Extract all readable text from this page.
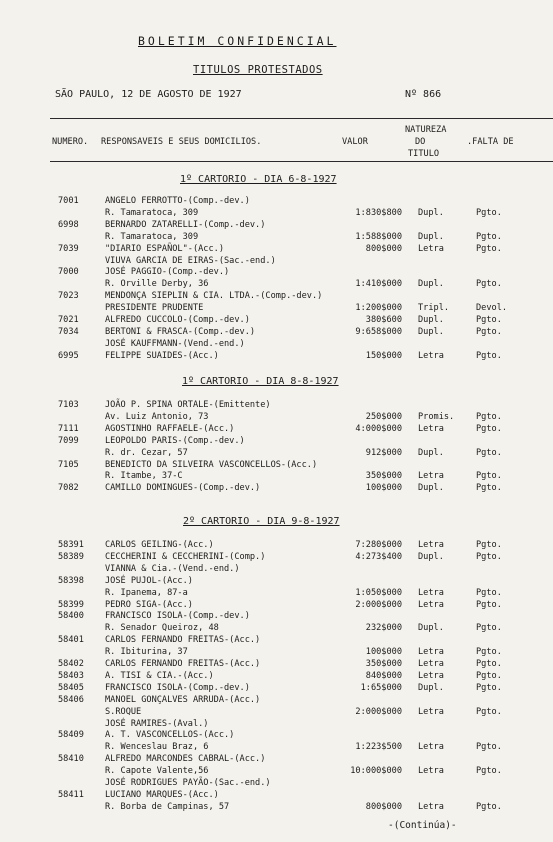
BOLETIM CONFIDENCIAL
TITULOS PROTESTADOS
SÃO PAULO, 12 DE AGOSTO DE 1927	Nº 866
NUMERO. RESPONSAVEIS E SEUS DOMICILIOS.	VALOR
NATUREZA
DO
TITULO
.FALTA DE
1º CARTORIO - DIA 6-8-1927
7001	ANGELO FERROTTO-(Comp.-dev.)
R. Tamaratoca, 309	1:830$800 Dupl.	Pgto.
6998	BERNARDO ZATARELLI-(Comp.-dev.)
R. Tamaratoca, 309	1:588$000 Dupl.	Pgto.
7039	"DIARIO ESPAÑOL"-(Acc.)	800$000 Letra	Pgto.
VIUVA GARCIA DE EIRAS-(Sac.-end.)
7000	JOSÉ PAGGIO-(Comp.-dev.)
R. Orville Derby, 36	1:410$000 Dupl.	Pgto.
7023	MENDONÇA SIEPLIN & CIA. LTDA.-(Comp.-dev.)
PRESIDENTE PRUDENTE	1:200$000 Tripl.	Devol.
7021	ALFREDO CUCCOLO-(Comp.-dev.)	380$600 Dupl.	Pgto.
7034	BERTONI & FRASCA-(Comp.-dev.)	9:658$000 Dupl.	Pgto.
JOSÉ KAUFFMANN-(Vend.-end.)
6995	FELIPPE SUAIDES-(Acc.)	150$000 Letra	Pgto.
1º CARTORIO - DIA 8-8-1927
7103	JOÃO P. SPINA ORTALE-(Emittente)
Av. Luiz Antonio, 73	250$000 Promis.	Pgto.
7111	AGOSTINHO RAFFAELE-(Acc.)	4:000$000 Letra	Pgto.
7099	LEOPOLDO PARIS-(Comp.-dev.)
R. dr. Cezar, 57	912$000 Dupl.	Pgto.
7105	BENEDICTO DA SILVEIRA VASCONCELLOS-(Acc.)
R. Itambe, 37-C	350$000 Letra	Pgto.
7082	CAMILLO DOMINGUES-(Comp.-dev.)	100$000 Dupl.	Pgto.
2º CARTORIO - DIA 9-8-1927
58391 CARLOS GEILING-(Acc.)	7:280$000 Letra	Pgto.
58389 CECCHERINI & CECCHERINI-(Comp.)	4:273$400 Dupl.	Pgto.
VIANNA & Cia.-(Vend.-end.)
58398 JOSÉ PUJOL-(Acc.)
R. Ipanema, 87-a	1:050$000 Letra	Pgto.
58399 PEDRO SIGA-(Acc.)	2:000$000 Letra	Pgto.
58400 FRANCISCO ISOLA-(Comp.-dev.)
R. Senador Queiroz, 48	232$000 Dupl.	Pgto.
58401 CARLOS FERNANDO FREITAS-(Acc.)
R. Ibiturina, 37	100$000 Letra	Pgto.
58402 CARLOS FERNANDO FREITAS-(Acc.)	350$000 Letra	Pgto.
58403 A. TISI & CIA.-(Acc.)	840$000 Letra	Pgto.
58405 FRANCISCO ISOLA-(Comp.-dev.)	1:65$000 Dupl.	Pgto.
58406 MANOEL GONÇALVES ARRUDA-(Acc.)
S.ROQUE	2:000$000 Letra	Pgto.
JOSÉ RAMIRES-(Aval.)
58409 A. T. VASCONCELLOS-(Acc.)
R. Wenceslau Braz, 6	1:223$500 Letra	Pgto.
58410 ALFREDO MARCONDES CABRAL-(Acc.)
R. Capote Valente,56	10:000$000 Letra	Pgto.
JOSÉ RODRIGUES PAYÃO-(Sac.-end.)
58411 LUCIANO MARQUES-(Acc.)
R. Borba de Campinas, 57	800$000 Letra	Pgto.
-(Continúa)-
